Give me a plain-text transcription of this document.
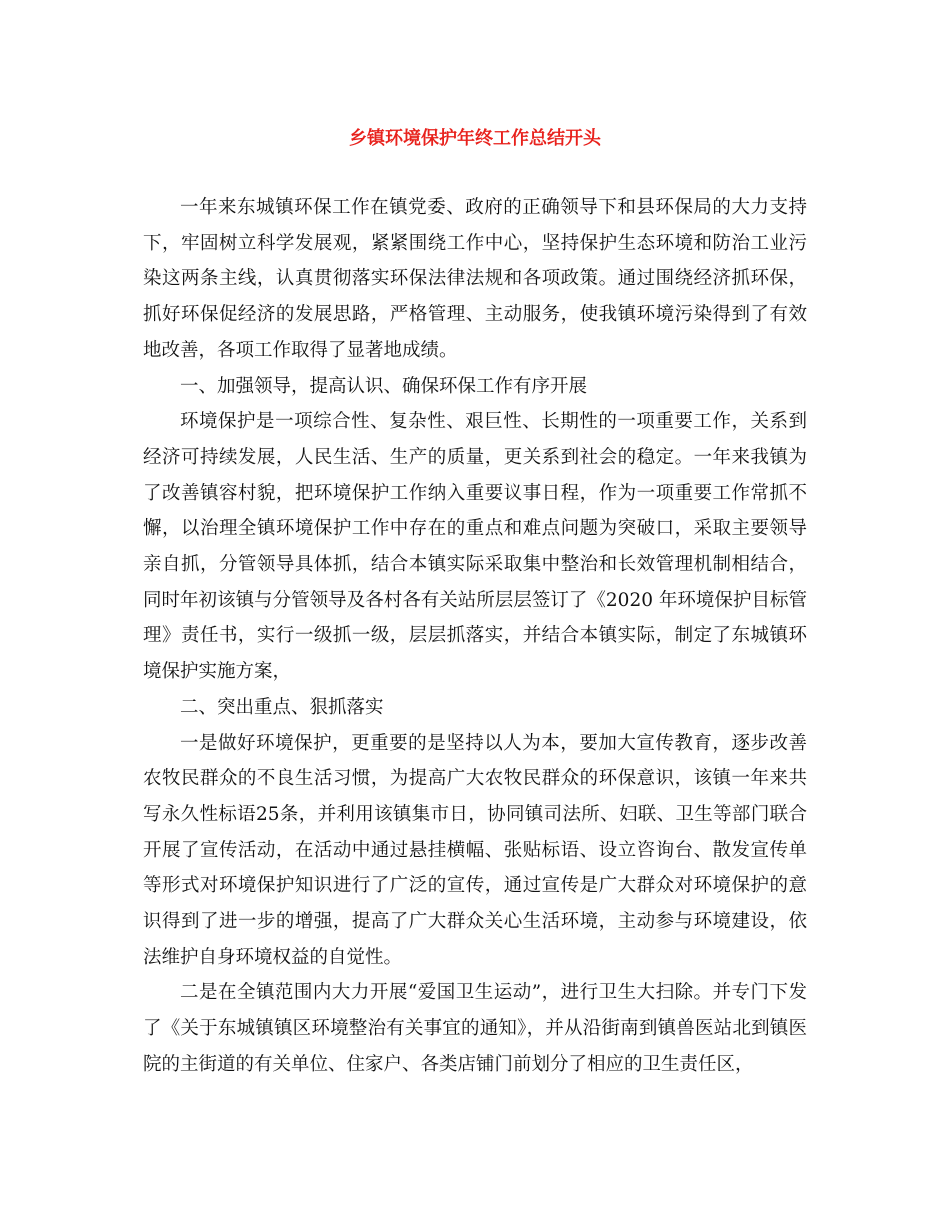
乡镇环境保护年终工作总结开头

一年来东城镇环保工作在镇党委、政府的正确领导下和县环保局的大力支持下，牢固树立科学发展观，紧紧围绕工作中心，坚持保护生态环境和防治工业污染这两条主线，认真贯彻落实环保法律法规和各项政策。通过围绕经济抓环保，抓好环保促经济的发展思路，严格管理、主动服务，使我镇环境污染得到了有效地改善，各项工作取得了显著地成绩。

一、加强领导，提高认识、确保环保工作有序开展

环境保护是一项综合性、复杂性、艰巨性、长期性的一项重要工作，关系到经济可持续发展，人民生活、生产的质量，更关系到社会的稳定。一年来我镇为了改善镇容村貌，把环境保护工作纳入重要议事日程，作为一项重要工作常抓不懈，以治理全镇环境保护工作中存在的重点和难点问题为突破口，采取主要领导亲自抓，分管领导具体抓，结合本镇实际采取集中整治和长效管理机制相结合，同时年初该镇与分管领导及各村各有关站所层层签订了《2020 年环境保护目标管理》责任书，实行一级抓一级，层层抓落实，并结合本镇实际，制定了东城镇环境保护实施方案，

二、突出重点、狠抓落实

一是做好环境保护，更重要的是坚持以人为本，要加大宣传教育，逐步改善农牧民群众的不良生活习惯，为提高广大农牧民群众的环保意识，该镇一年来共写永久性标语25条，并利用该镇集市日，协同镇司法所、妇联、卫生等部门联合开展了宣传活动，在活动中通过悬挂横幅、张贴标语、设立咨询台、散发宣传单等形式对环境保护知识进行了广泛的宣传，通过宣传是广大群众对环境保护的意识得到了进一步的增强，提高了广大群众关心生活环境，主动参与环境建设，依法维护自身环境权益的自觉性。

二是在全镇范围内大力开展“爱国卫生运动”，进行卫生大扫除。并专门下发了《关于东城镇镇区环境整治有关事宜的通知》，并从沿街南到镇兽医站北到镇医院的主街道的有关单位、住家户、各类店铺门前划分了相应的卫生责任区，
